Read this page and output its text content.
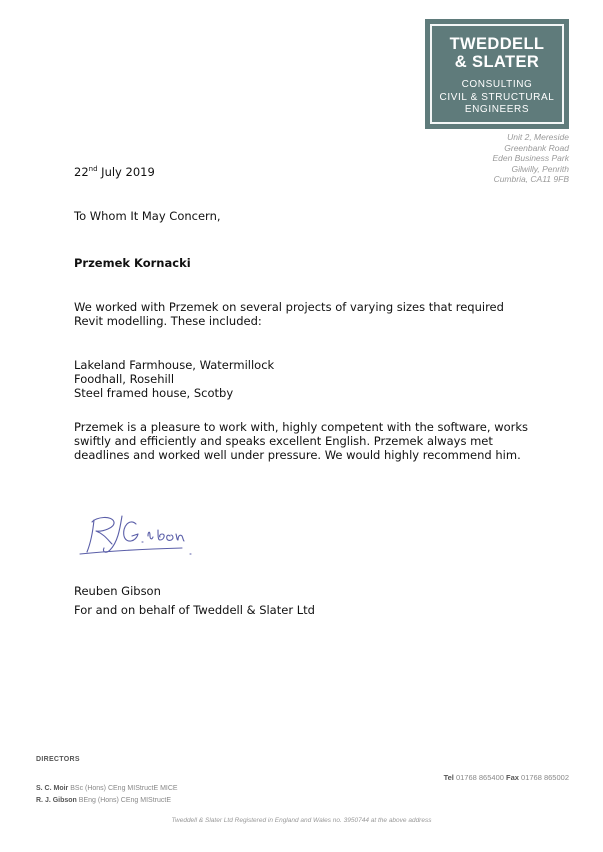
TWEDDELL
& SLATER
CONSULTING
CIVIL & STRUCTURAL
ENGINEERS
Unit 2, Mereside
Greenbank Road
Eden Business Park
Gilwilly, Penrith
Cumbria, CA11 9FB
22nd July 2019
To Whom It May Concern,
Przemek Kornacki
We worked with Przemek on several projects of varying sizes that required Revit modelling. These included:
Lakeland Farmhouse, Watermillock
Foodhall, Rosehill
Steel framed house, Scotby
Przemek is a pleasure to work with, highly competent with the software, works swiftly and efficiently and speaks excellent English. Przemek always met deadlines and worked well under pressure. We would highly recommend him.
Reuben Gibson
For and on behalf of Tweddell & Slater Ltd
DIRECTORS
S. C. Moir BSc (Hons) CEng MIStructE MICE
R. J. Gibson BEng (Hons) CEng MIStructE
Tel 01768 865400 Fax 01768 865002
Tweddell & Slater Ltd Registered in England and Wales no. 3950744 at the above address
